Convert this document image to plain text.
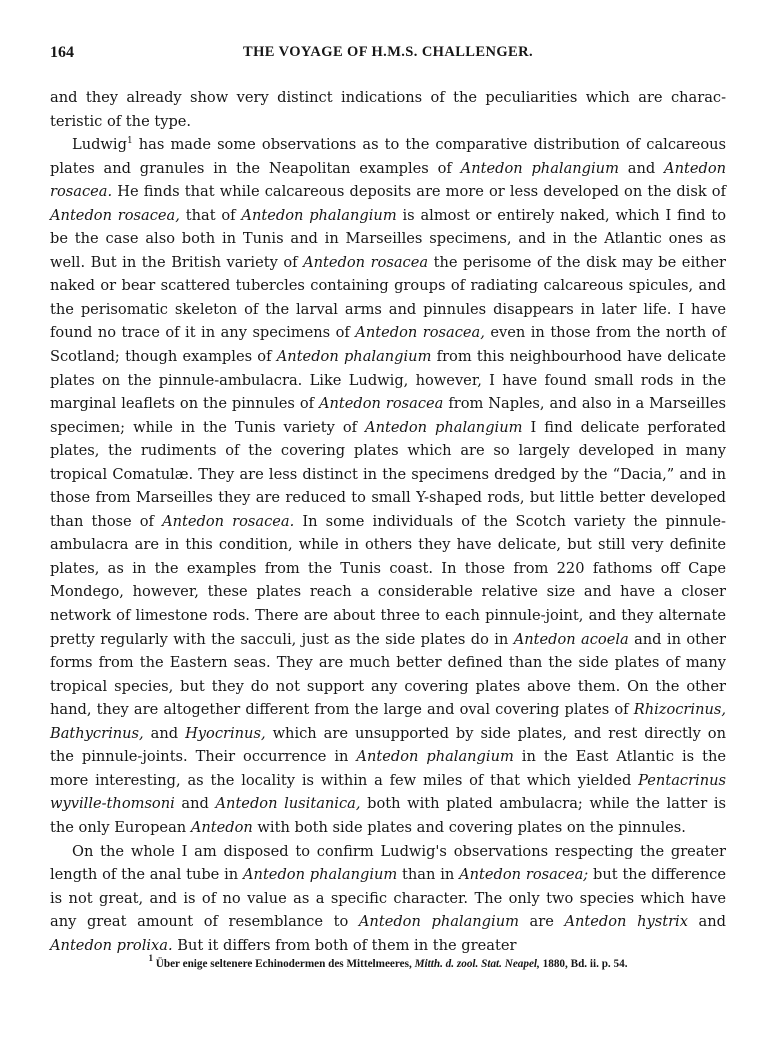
164	THE VOYAGE OF H.M.S. CHALLENGER.

and they already show very distinct indications of the peculiarities which are charac-teristic of the type.

Ludwig$^1$ has made some observations as to the comparative distribution of calcareous plates and granules in the Neapolitan examples of Antedon phalangium and Antedon rosacea. He finds that while calcareous deposits are more or less developed on the disk of Antedon rosacea, that of Antedon phalangium is almost or entirely naked, which I find to be the case also both in Tunis and in Marseilles specimens, and in the Atlantic ones as well. But in the British variety of Antedon rosacea the perisome of the disk may be either naked or bear scattered tubercles containing groups of radiating calcareous spicules, and the perisomatic skeleton of the larval arms and pinnules disappears in later life. I have found no trace of it in any specimens of Antedon rosacea, even in those from the north of Scotland; though examples of Antedon phalangium from this neighbourhood have delicate plates on the pinnule-ambulacra. Like Ludwig, however, I have found small rods in the marginal leaflets on the pinnules of Antedon rosacea from Naples, and also in a Marseilles specimen; while in the Tunis variety of Antedon phalangium I find delicate perforated plates, the rudiments of the covering plates which are so largely developed in many tropical Comatulæ. They are less distinct in the specimens dredged by the “Dacia,” and in those from Marseilles they are reduced to small Y-shaped rods, but little better developed than those of Antedon rosacea. In some individuals of the Scotch variety the pinnule-ambulacra are in this condition, while in others they have delicate, but still very definite plates, as in the examples from the Tunis coast. In those from 220 fathoms off Cape Mondego, however, these plates reach a considerable relative size and have a closer network of limestone rods. There are about three to each pinnule-joint, and they alternate pretty regularly with the sacculi, just as the side plates do in Antedon acoela and in other forms from the Eastern seas. They are much better defined than the side plates of many tropical species, but they do not support any covering plates above them. On the other hand, they are altogether different from the large and oval covering plates of Rhizocrinus, Bathycrinus, and Hyocrinus, which are unsupported by side plates, and rest directly on the pinnule-joints. Their occurrence in Antedon phalangium in the East Atlantic is the more interesting, as the locality is within a few miles of that which yielded Pentacrinus wyville-thomsoni and Antedon lusitanica, both with plated ambulacra; while the latter is the only European Antedon with both side plates and covering plates on the pinnules.

On the whole I am disposed to confirm Ludwig's observations respecting the greater length of the anal tube in Antedon phalangium than in Antedon rosacea; but the difference is not great, and is of no value as a specific character. The only two species which have any great amount of resemblance to Antedon phalangium are Antedon hystrix and Antedon prolixa. But it differs from both of them in the greater

$^1$ Über enige seltenere Echinodermen des Mittelmeeres, Mitth. d. zool. Stat. Neapel, 1880, Bd. ii. p. 54.
